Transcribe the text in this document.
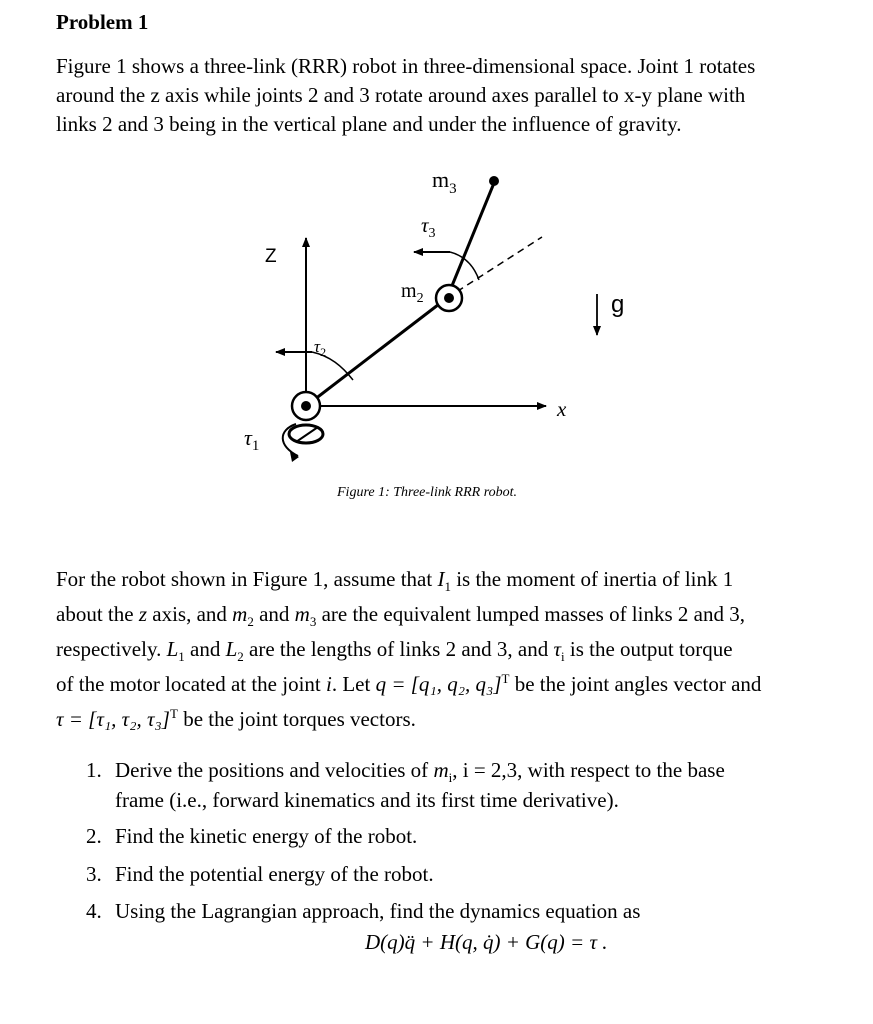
Problem 1
Figure 1 shows a three-link (RRR) robot in three-dimensional space. Joint 1 rotates
around the z axis while joints 2 and 3 rotate around axes parallel to x-y plane with
links 2 and 3 being in the vertical plane and under the influence of gravity.
$m_3$
$\tau_3$
Z
$m_2$	g
$\tau_2$
x
$\tau_1$
Figure 1: Three-link RRR robot.
For the robot shown in Figure 1, assume that $I_1$ is the moment of inertia of link 1
about the z axis, and $m_2$ and $m_3$ are the equivalent lumped masses of links 2 and 3,
respectively. $L_1$ and $L_2$ are the lengths of links 2 and 3, and $\tau_i$ is the output torque
of the motor located at the joint i. Let q = [q₁, q₂, q₃]$^T$ be the joint angles vector and
τ = [τ₁, τ₂, τ₃]$^T$ be the joint torques vectors.
1. Derive the positions and velocities of $m_i$, i = 2,3, with respect to the base
frame (i.e., forward kinematics and its first time derivative).
2. Find the kinetic energy of the robot.
3. Find the potential energy of the robot.
4. Using the Lagrangian approach, find the dynamics equation as
D(q)q̈ + H(q, q̇) + G(q) = τ .
